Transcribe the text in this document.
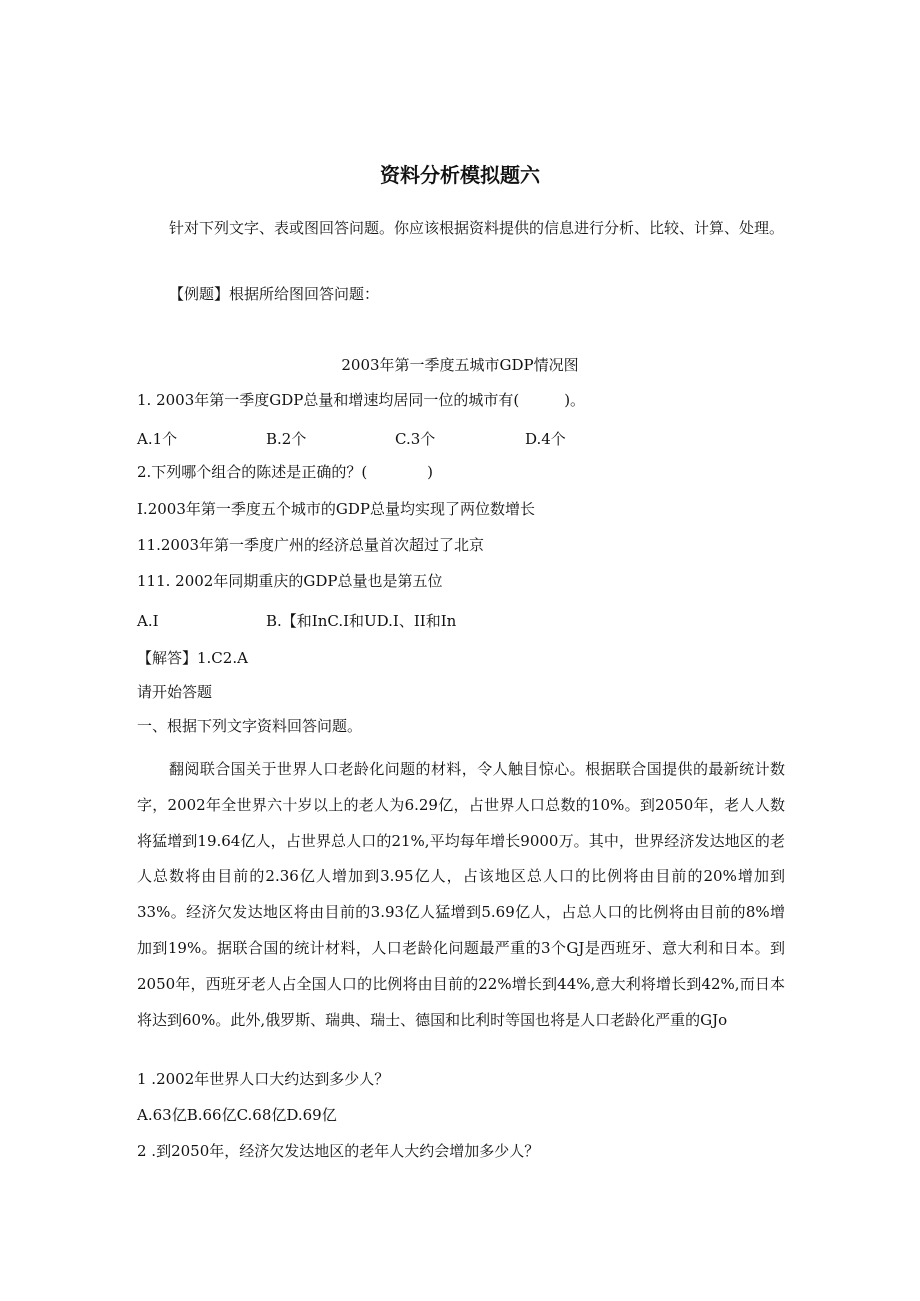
资料分析模拟题六
针对下列文字、表或图回答问题。你应该根据资料提供的信息进行分析、比较、计算、处理。
【例题】根据所给图回答问题：
2003年第一季度五城市GDP情况图
1. 2003年第一季度GDP总量和增速均居同一位的城市有(　　　)。
A.1个	B.2个	C.3个	D.4个
2.下列哪个组合的陈述是正确的？(　　　　)
I.2003年第一季度五个城市的GDP总量均实现了两位数增长
11.2003年第一季度广州的经济总量首次超过了北京
111. 2002年同期重庆的GDP总量也是第五位
A.I	B.【和InC.I和UD.I、II和In
【解答】1.C2.A
请开始答题
一、根据下列文字资料回答问题。
翻阅联合国关于世界人口老龄化问题的材料，令人触目惊心。根据联合国提供的最新统计数字，2002年全世界六十岁以上的老人为6.29亿，占世界人口总数的10%。到2050年，老人人数将猛增到19.64亿人，占世界总人口的21%,平均每年增长9000万。其中，世界经济发达地区的老人总数将由目前的2.36亿人增加到3.95亿人，占该地区总人口的比例将由目前的20%增加到33%。经济欠发达地区将由目前的3.93亿人猛增到5.69亿人，占总人口的比例将由目前的8%增加到19%。据联合国的统计材料，人口老龄化问题最严重的3个GJ是西班牙、意大利和日本。到2050年，西班牙老人占全国人口的比例将由目前的22%增长到44%,意大利将增长到42%,而日本将达到60%。此外,俄罗斯、瑞典、瑞士、德国和比利时等国也将是人口老龄化严重的GJo
1 .2002年世界人口大约达到多少人？
A.63亿B.66亿C.68亿D.69亿
2 .到2050年，经济欠发达地区的老年人大约会增加多少人？
